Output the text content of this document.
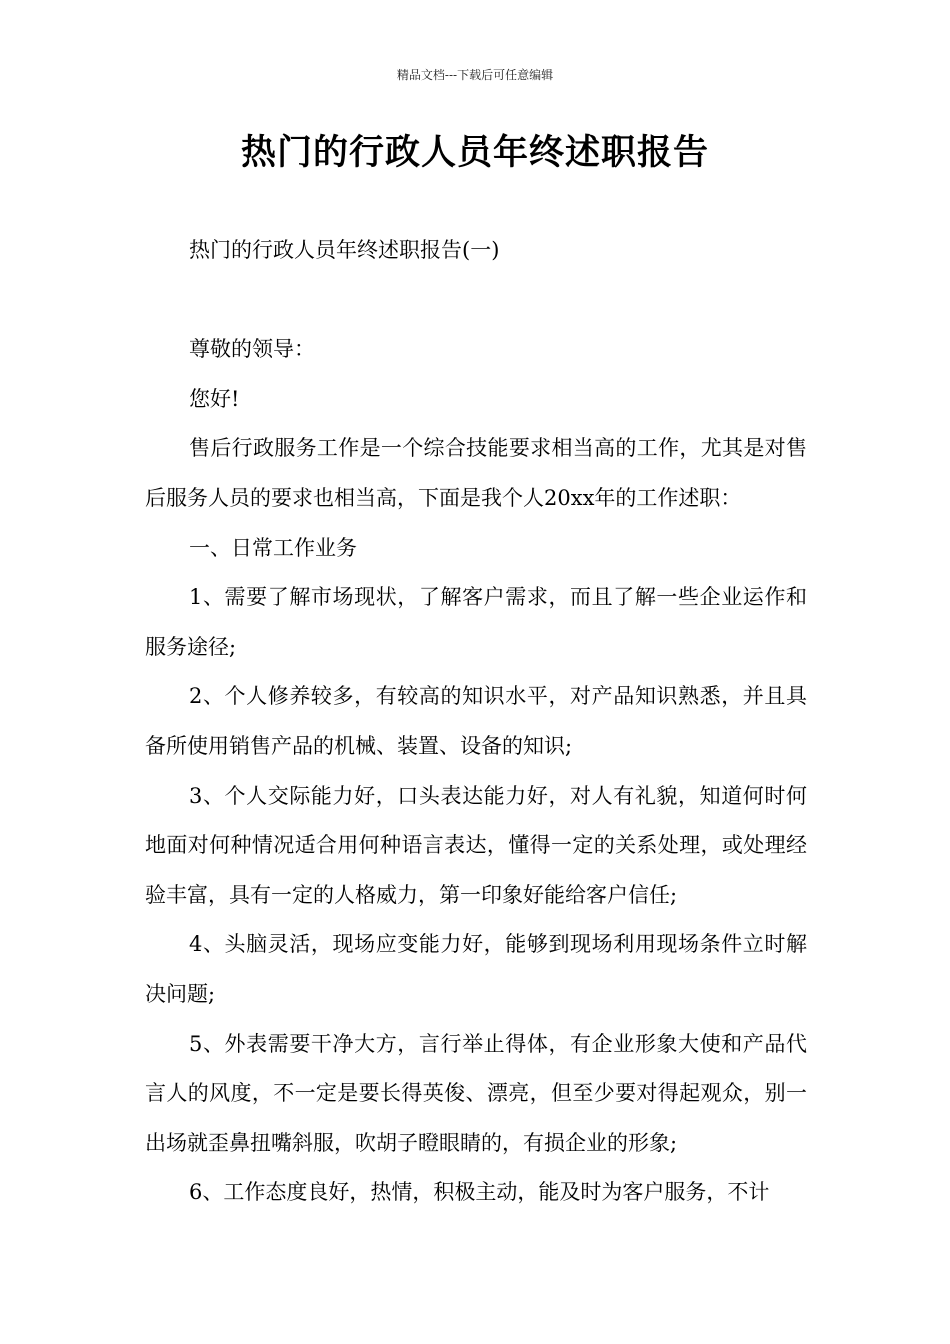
精品文档---下载后可任意编辑
热门的行政人员年终述职报告

热门的行政人员年终述职报告(一)

尊敬的领导：

您好!

售后行政服务工作是一个综合技能要求相当高的工作，尤其是对售后服务人员的要求也相当高，下面是我个人20xx年的工作述职：

一、日常工作业务

1、需要了解市场现状，了解客户需求，而且了解一些企业运作和服务途径;

2、个人修养较多，有较高的知识水平，对产品知识熟悉，并且具备所使用销售产品的机械、装置、设备的知识;

3、个人交际能力好，口头表达能力好，对人有礼貌，知道何时何地面对何种情况适合用何种语言表达，懂得一定的关系处理，或处理经验丰富，具有一定的人格威力，第一印象好能给客户信任;

4、头脑灵活，现场应变能力好，能够到现场利用现场条件立时解决问题;

5、外表需要干净大方，言行举止得体，有企业形象大使和产品代言人的风度，不一定是要长得英俊、漂亮，但至少要对得起观众，别一出场就歪鼻扭嘴斜服，吹胡子瞪眼睛的，有损企业的形象;

6、工作态度良好，热情，积极主动，能及时为客户服务，不计
